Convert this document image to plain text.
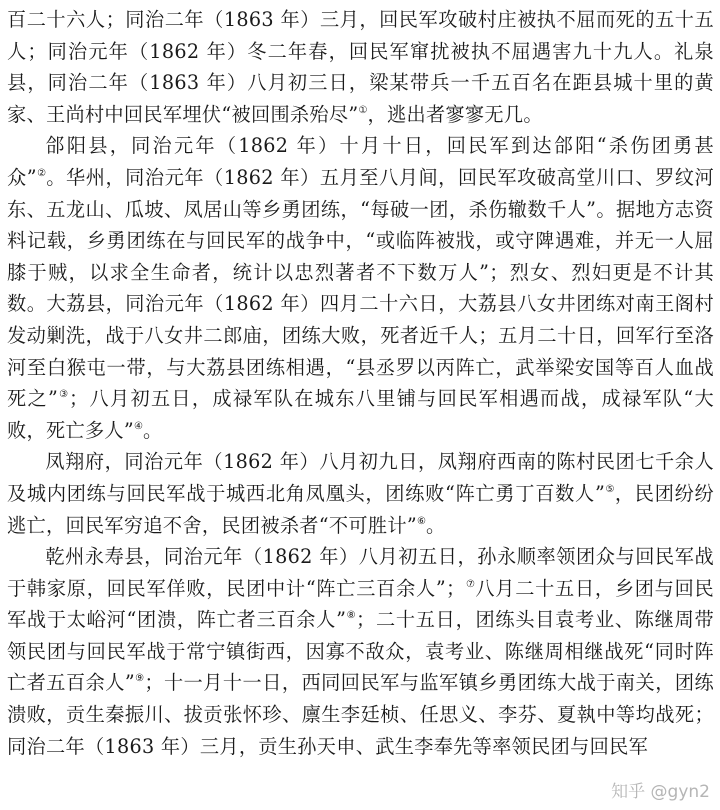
百二十六人；同治二年（1863 年）三月，回民军攻破村庄被执不屈而死的五十五人；同治元年（1862 年）冬二年春，回民军窜扰被执不屈遇害九十九人。礼泉县，同治二年（1863 年）八月初三日，梁某带兵一千五百名在距县城十里的黄家、王尚村中回民军埋伏“被回围杀殆尽”①，逃出者寥寥无几。

郃阳县，同治元年（1862 年）十月十日，回民军到达郃阳“杀伤团勇甚众”②。华州，同治元年（1862 年）五月至八月间，回民军攻破高堂川口、罗纹河东、五龙山、瓜坡、凤居山等乡勇团练，“每破一团，杀伤辙数千人”。据地方志资料记载，乡勇团练在与回民军的战争中，“或临阵被戕，或守陴遇难，并无一人屈膝于贼，以求全生命者，统计以忠烈著者不下数万人”；烈女、烈妇更是不计其数。大荔县，同治元年（1862 年）四月二十六日，大荔县八女井团练对南王阁村发动剿洗，战于八女井二郎庙，团练大败，死者近千人；五月二十日，回军行至洛河至白猴屯一带，与大荔县团练相遇，“县丞罗以丙阵亡，武举梁安国等百人血战死之”③；八月初五日，成禄军队在城东八里铺与回民军相遇而战，成禄军队“大败，死亡多人”④。

凤翔府，同治元年（1862 年）八月初九日，凤翔府西南的陈村民团七千余人及城内团练与回民军战于城西北角凤凰头，团练败“阵亡勇丁百数人”⑤，民团纷纷逃亡，回民军穷追不舍，民团被杀者“不可胜计”⑥。

乾州永寿县，同治元年（1862 年）八月初五日，孙永顺率领团众与回民军战于韩家原，回民军佯败，民团中计“阵亡三百余人”；⑦八月二十五日，乡团与回民军战于太峪河“团溃，阵亡者三百余人”⑧；二十五日，团练头目袁考业、陈继周带领民团与回民军战于常宁镇街西，因寡不敌众，袁考业、陈继周相继战死“同时阵亡者五百余人”⑨；十一月十一日，西同回民军与监军镇乡勇团练大战于南关，团练溃败，贡生秦振川、拔贡张怀珍、廪生李廷桢、任思义、李芬、夏執中等均战死；同治二年（1863 年）三月，贡生孙天申、武生李奉先等率领民团与回民军

知乎 @gyn2
